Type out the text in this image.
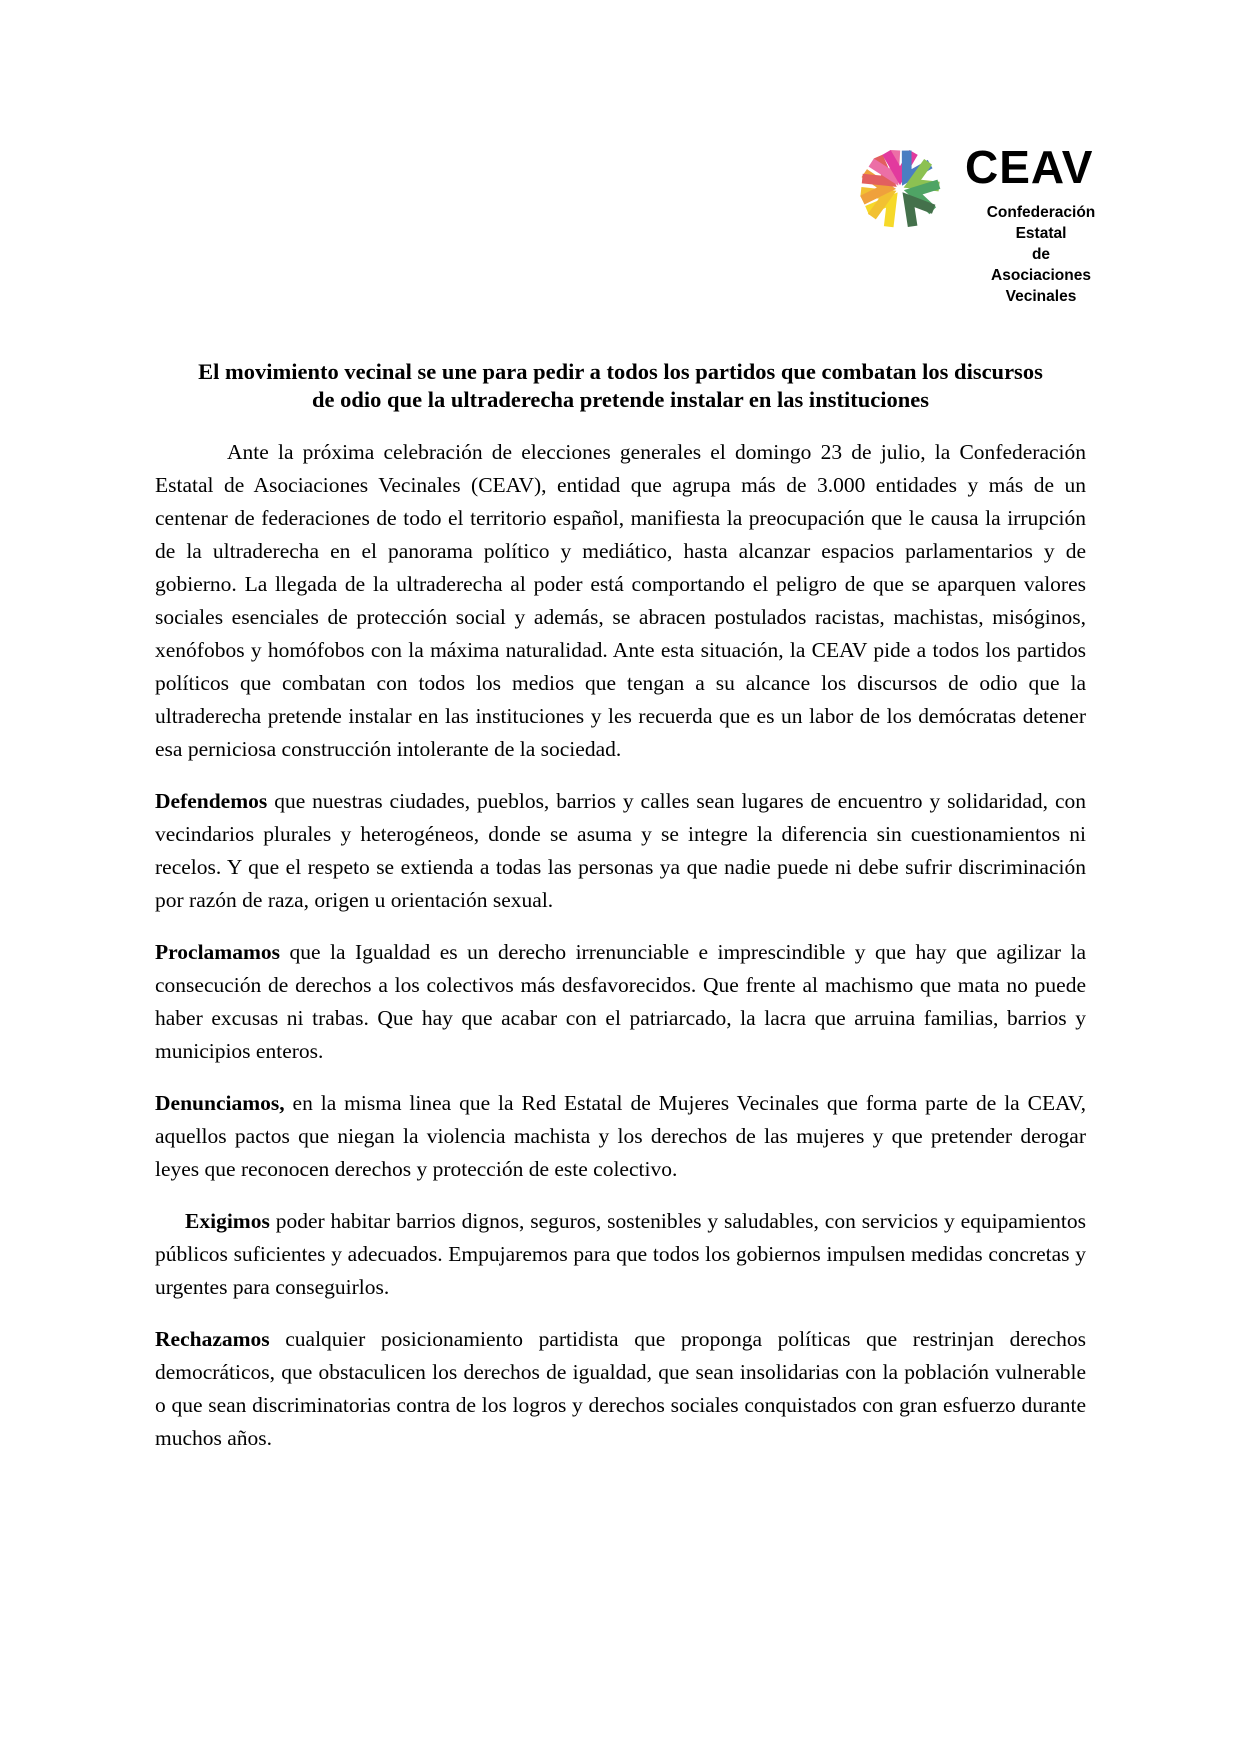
CEAV
Confederación Estatal
de
Asociaciones Vecinales
El movimiento vecinal se une para pedir a todos los partidos que combatan los discursos de odio que la ultraderecha pretende instalar en las instituciones

Ante la próxima celebración de elecciones generales el domingo 23 de julio, la Confederación Estatal de Asociaciones Vecinales (CEAV), entidad que agrupa más de 3.000 entidades y más de un centenar de federaciones de todo el territorio español, manifiesta la preocupación que le causa la irrupción de la ultraderecha en el panorama político y mediático, hasta alcanzar espacios parlamentarios y de gobierno. La llegada de la ultraderecha al poder está comportando el peligro de que se aparquen valores sociales esenciales de protección social y además, se abracen postulados racistas, machistas, misóginos, xenófobos y homófobos con la máxima naturalidad. Ante esta situación, la CEAV pide a todos los partidos políticos que combatan con todos los medios que tengan a su alcance los discursos de odio que la ultraderecha pretende instalar en las instituciones y les recuerda que es un labor de los demócratas detener esa perniciosa construcción intolerante de la sociedad.

Defendemos que nuestras ciudades, pueblos, barrios y calles sean lugares de encuentro y solidaridad, con vecindarios plurales y heterogéneos, donde se asuma y se integre la diferencia sin cuestionamientos ni recelos. Y que el respeto se extienda a todas las personas ya que nadie puede ni debe sufrir discriminación por razón de raza, origen u orientación sexual.

Proclamamos que la Igualdad es un derecho irrenunciable e imprescindible y que hay que agilizar la consecución de derechos a los colectivos más desfavorecidos. Que frente al machismo que mata no puede haber excusas ni trabas. Que hay que acabar con el patriarcado, la lacra que arruina familias, barrios y municipios enteros.

Denunciamos, en la misma linea que la Red Estatal de Mujeres Vecinales que forma parte de la CEAV, aquellos pactos que niegan la violencia machista y los derechos de las mujeres y que pretender derogar leyes que reconocen derechos y protección de este colectivo.

Exigimos poder habitar barrios dignos, seguros, sostenibles y saludables, con servicios y equipamientos públicos suficientes y adecuados. Empujaremos para que todos los gobiernos impulsen medidas concretas y urgentes para conseguirlos.

Rechazamos cualquier posicionamiento partidista que proponga políticas que restrinjan derechos democráticos, que obstaculicen los derechos de igualdad, que sean insolidarias con la población vulnerable o que sean discriminatorias contra de los logros y derechos sociales conquistados con gran esfuerzo durante muchos años.
